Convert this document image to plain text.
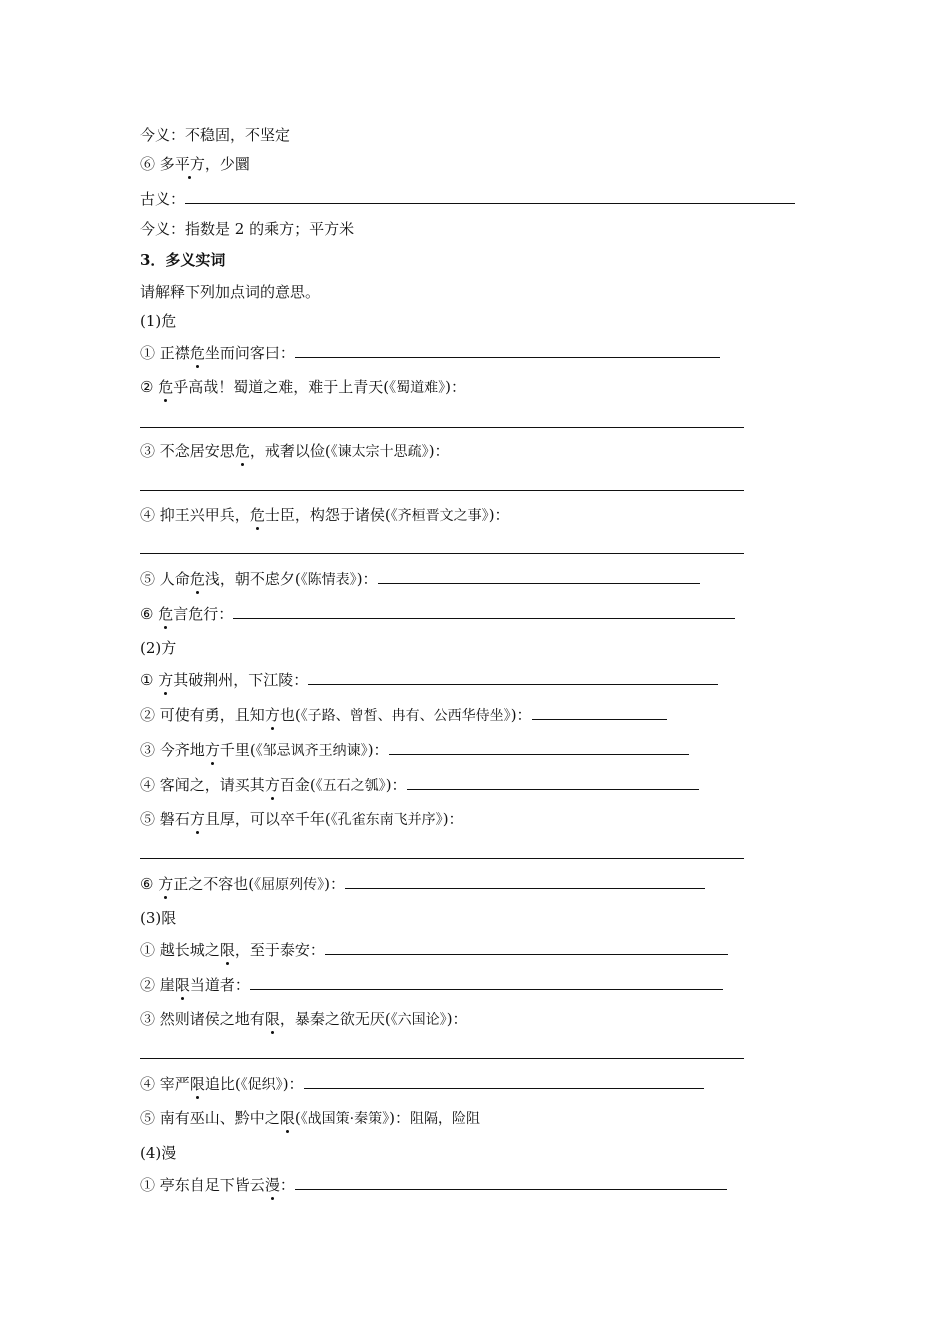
今义：不稳固，不坚定
⑥ 多平方，少圜
古义：
今义：指数是 2 的乘方；平方米
3．多义实词
请解释下列加点词的意思。
(1)危
① 正襟危坐而问客曰：
② 危乎高哉！蜀道之难，难于上青天(《蜀道难》)：
③ 不念居安思危，戒奢以俭(《谏太宗十思疏》)：
④ 抑王兴甲兵，危士臣，构怨于诸侯(《齐桓晋文之事》)：
⑤ 人命危浅，朝不虑夕(《陈情表》)：
⑥ 危言危行：
(2)方
① 方其破荆州，下江陵：
② 可使有勇，且知方也(《子路、曾皙、冉有、公西华侍坐》)：
③ 今齐地方千里(《邹忌讽齐王纳谏》)：
④ 客闻之，请买其方百金(《五石之瓠》)：
⑤ 磐石方且厚，可以卒千年(《孔雀东南飞并序》)：
⑥ 方正之不容也(《屈原列传》)：
(3)限
① 越长城之限，至于泰安：
② 崖限当道者：
③ 然则诸侯之地有限，暴秦之欲无厌(《六国论》)：
④ 宰严限追比(《促织》)：
⑤ 南有巫山、黔中之限(《战国策·秦策》)：阻隔，险阻
(4)漫
① 亭东自足下皆云漫：
